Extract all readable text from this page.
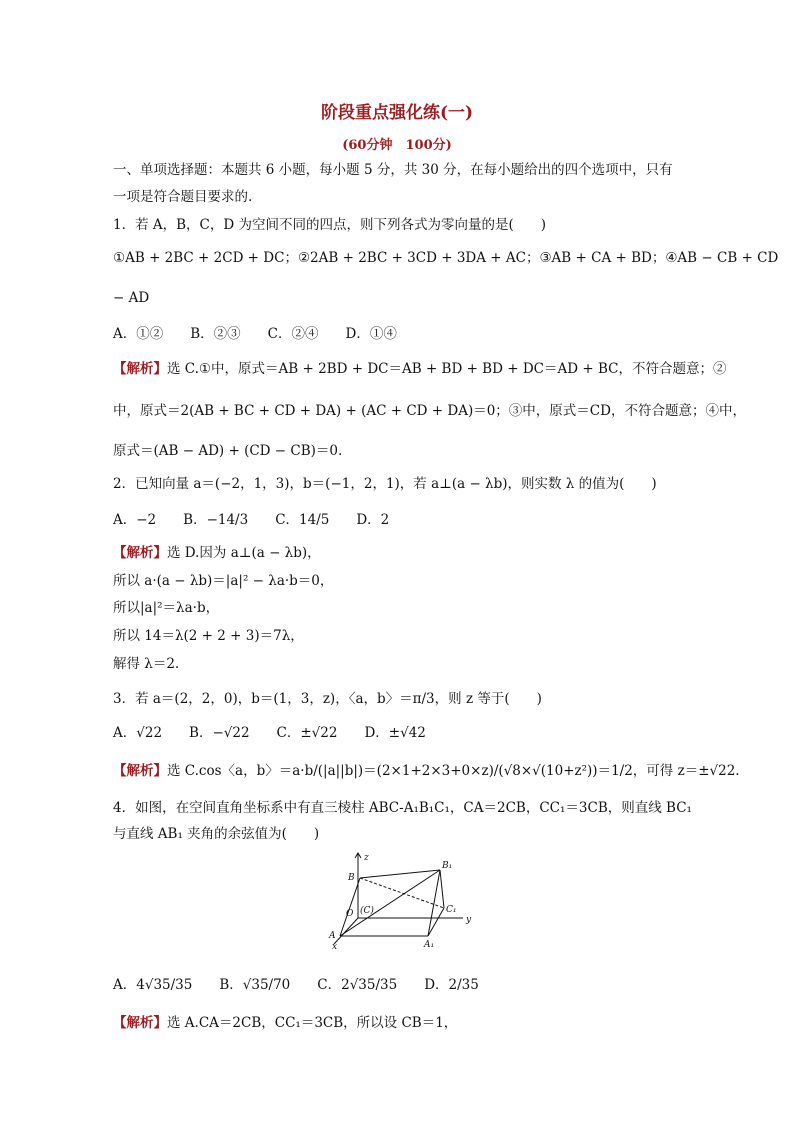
阶段重点强化练(一)
(60分钟　100分)
一、单项选择题：本题共 6 小题，每小题 5 分，共 30 分，在每小题给出的四个选项中，只有
一项是符合题目要求的.
1．若 A，B，C，D 为空间不同的四点，则下列各式为零向量的是(　　)
①AB + 2BC + 2CD + DC；②2AB + 2BC + 3CD + 3DA + AC；③AB + CA + BD；④AB − CB + CD
− AD
A．①②　　B．②③　　C．②④　　D．①④
【解析】选 C.①中，原式＝AB + 2BD + DC＝AB + BD + BD + DC＝AD + BC，不符合题意；②
中，原式＝2(AB + BC + CD + DA) + (AC + CD + DA)＝0；③中，原式＝CD，不符合题意；④中，
原式＝(AB − AD) + (CD − CB)＝0.
2．已知向量 a＝(−2，1，3)，b＝(−1，2，1)，若 a⊥(a − λb)，则实数 λ 的值为(　　)
A．−2　　B．−14/3　　C．14/5　　D．2
【解析】选 D.因为 a⊥(a − λb)，
所以 a·(a − λb)＝|a|² − λa·b＝0，
所以|a|²＝λa·b，
所以 14＝λ(2 + 2 + 3)＝7λ，
解得 λ＝2.
3．若 a＝(2，2，0)，b＝(1，3，z)，〈a，b〉＝π/3，则 z 等于(　　)
A．√22　　B．−√22　　C．±√22　　D．±√42
【解析】选 C.cos〈a，b〉＝a·b/(|a||b|)＝(2×1+2×3+0×z)/(√8×√(10+z²))＝1/2，可得 z＝±√22.
4．如图，在空间直角坐标系中有直三棱柱 ABC-A₁B₁C₁，CA＝2CB，CC₁＝3CB，则直线 BC₁
与直线 AB₁ 夹角的余弦值为(　　)
z
B
B₁
O (C)	C₁
y
A
x	A₁
A．4√35/35　　B．√35/70　　C．2√35/35　　D．2/35
【解析】选 A.CA＝2CB，CC₁＝3CB，所以设 CB＝1，
